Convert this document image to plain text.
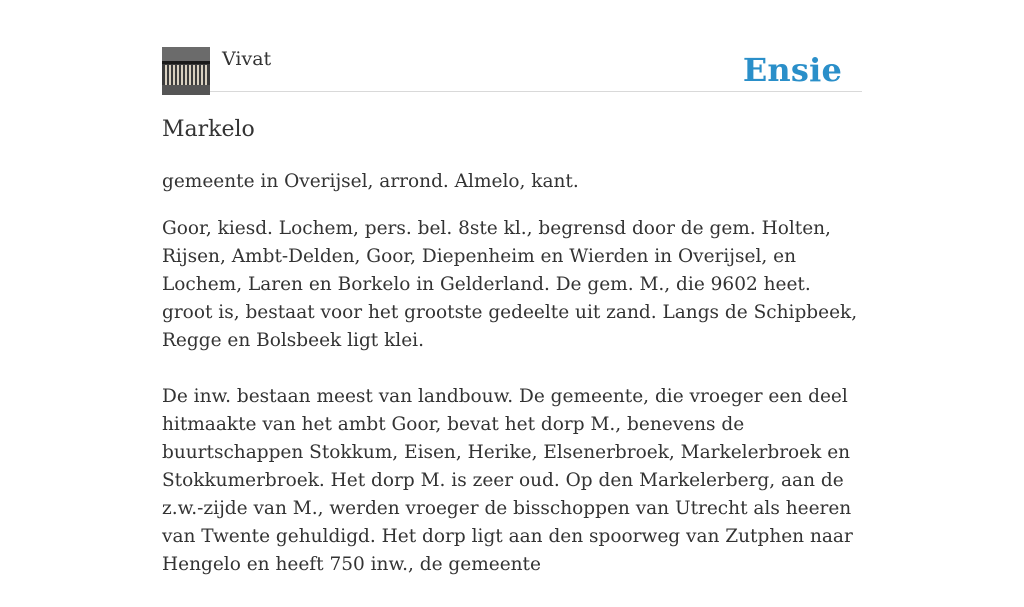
Vivat	Ensie
Markelo

gemeente in Overijsel, arrond. Almelo, kant.

Goor, kiesd. Lochem, pers. bel. 8ste kl., begrensd door de gem. Holten, Rijsen, Ambt-Delden, Goor, Diepenheim en Wierden in Overijsel, en Lochem, Laren en Borkelo in Gelderland. De gem. M., die 9602 heet. groot is, bestaat voor het grootste gedeelte uit zand. Langs de Schipbeek, Regge en Bolsbeek ligt klei.

De inw. bestaan meest van landbouw. De gemeente, die vroeger een deel hitmaakte van het ambt Goor, bevat het dorp M., benevens de buurtschappen Stokkum, Eisen, Herike, Elsenerbroek, Markelerbroek en Stokkumerbroek. Het dorp M. is zeer oud. Op den Markelerberg, aan de z.w.-zijde van M., werden vroeger de bisschoppen van Utrecht als heeren van Twente gehuldigd. Het dorp ligt aan den spoorweg van Zutphen naar Hengelo en heeft 750 inw., de gemeente
